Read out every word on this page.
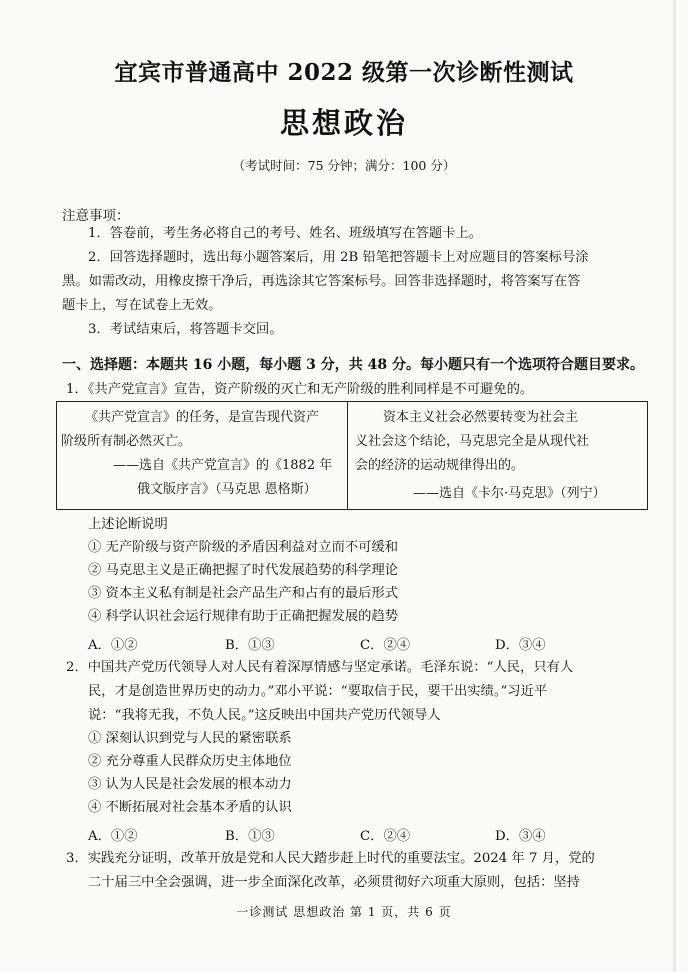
宜宾市普通高中 2022 级第一次诊断性测试
思想政治
（考试时间：75 分钟；满分：100 分）
注意事项：
1．答卷前，考生务必将自己的考号、姓名、班级填写在答题卡上。
2．回答选择题时，选出每小题答案后，用 2B 铅笔把答题卡上对应题目的答案标号涂
黑。如需改动，用橡皮擦干净后，再选涂其它答案标号。回答非选择题时，将答案写在答
题卡上，写在试卷上无效。
3．考试结束后，将答题卡交回。
一、选择题：本题共 16 小题，每小题 3 分，共 48 分。每小题只有一个选项符合题目要求。
1．《共产党宣言》宣告，资产阶级的灭亡和无产阶级的胜利同样是不可避免的。
《共产党宣言》的任务，是宣告现代资产
阶级所有制必然灭亡。
——选自《共产党宣言》的《1882 年
俄文版序言》（马克思 恩格斯）
资本主义社会必然要转变为社会主
义社会这个结论，马克思完全是从现代社
会的经济的运动规律得出的。
——选自《卡尔·马克思》（列宁）
上述论断说明
① 无产阶级与资产阶级的矛盾因利益对立而不可缓和
② 马克思主义是正确把握了时代发展趋势的科学理论
③ 资本主义私有制是社会产品生产和占有的最后形式
④ 科学认识社会运行规律有助于正确把握发展的趋势
A．①②	B．①③	C．②④	D．③④
2．中国共产党历代领导人对人民有着深厚情感与坚定承诺。毛泽东说：“人民，只有人
民，才是创造世界历史的动力。”邓小平说：“要取信于民，要干出实绩。”习近平
说：“我将无我，不负人民。”这反映出中国共产党历代领导人
① 深刻认识到党与人民的紧密联系
② 充分尊重人民群众历史主体地位
③ 认为人民是社会发展的根本动力
④ 不断拓展对社会基本矛盾的认识
A．①②	B．①③	C．②④	D．③④
3．实践充分证明，改革开放是党和人民大踏步赶上时代的重要法宝。2024 年 7 月，党的
二十届三中全会强调，进一步全面深化改革，必须贯彻好六项重大原则，包括：坚持
一诊测试 思想政治 第 1 页，共 6 页
